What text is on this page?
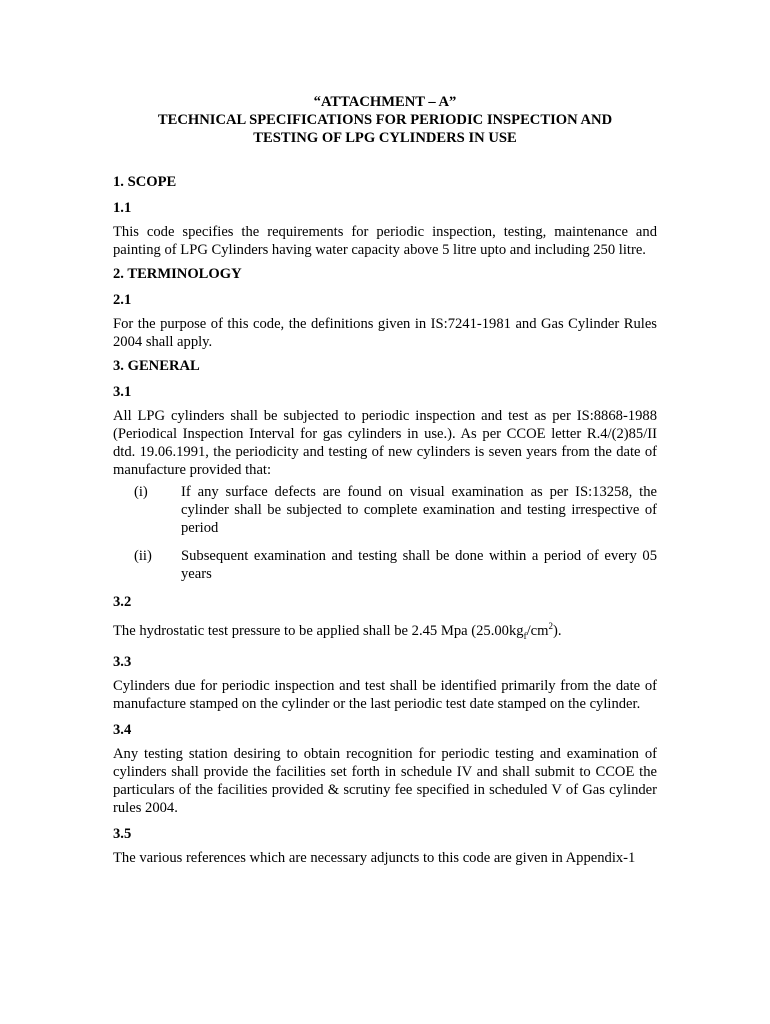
“ATTACHMENT – A”
TECHNICAL SPECIFICATIONS FOR PERIODIC INSPECTION AND
TESTING OF LPG CYLINDERS IN USE
1. SCOPE
1.1

This code specifies the requirements for periodic inspection, testing, maintenance and painting of LPG Cylinders having water capacity above 5 litre upto and including 250 litre.

2. TERMINOLOGY
2.1

For the purpose of this code, the definitions given in IS:7241-1981 and Gas Cylinder Rules 2004 shall apply.

3. GENERAL
3.1

All LPG cylinders shall be subjected to periodic inspection and test as per IS:8868-1988 (Periodical Inspection Interval for gas cylinders in use.). As per CCOE letter R.4/(2)85/II dtd. 19.06.1991, the periodicity and testing of new cylinders is seven years from the date of manufacture provided that:

(i)	If any surface defects are found on visual examination as per IS:13258, the cylinder shall be subjected to complete examination and testing irrespective of period
(ii)	Subsequent examination and testing shall be done within a period of every 05 years
3.2

The hydrostatic test pressure to be applied shall be 2.45 Mpa $(25.00kg_f/cm^2)$.

3.3

Cylinders due for periodic inspection and test shall be identified primarily from the date of manufacture stamped on the cylinder or the last periodic test date stamped on the cylinder.

3.4

Any testing station desiring to obtain recognition for periodic testing and examination of cylinders shall provide the facilities set forth in schedule IV and shall submit to CCOE the particulars of the facilities provided & scrutiny fee specified in scheduled V of Gas cylinder rules 2004.

3.5

The various references which are necessary adjuncts to this code are given in Appendix-1
